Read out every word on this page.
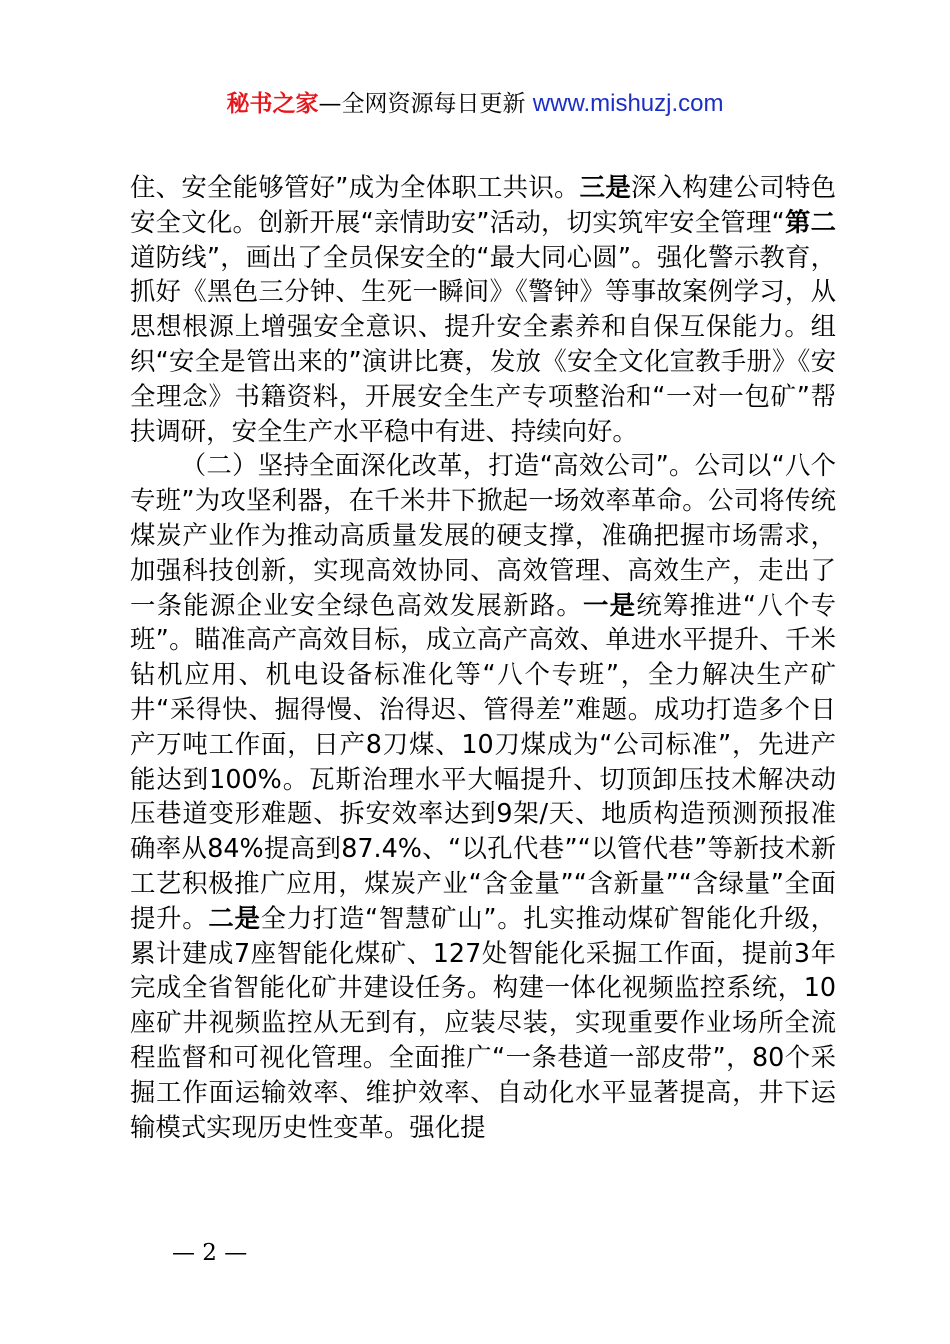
秘书之家—全网资源每日更新 www.mishuzj.com

住、安全能够管好”成为全体职工共识。三是深入构建公司特色安全文化。创新开展“亲情助安”活动，切实筑牢安全管理“第二道防线”，画出了全员保安全的“最大同心圆”。强化警示教育，抓好《黑色三分钟、生死一瞬间》《警钟》等事故案例学习，从思想根源上增强安全意识、提升安全素养和自保互保能力。组织“安全是管出来的”演讲比赛，发放《安全文化宣教手册》《安全理念》书籍资料，开展安全生产专项整治和“一对一包矿”帮扶调研，安全生产水平稳中有进、持续向好。

（二）坚持全面深化改革，打造“高效公司”。公司以“八个专班”为攻坚利器，在千米井下掀起一场效率革命。公司将传统煤炭产业作为推动高质量发展的硬支撑，准确把握市场需求，加强科技创新，实现高效协同、高效管理、高效生产，走出了一条能源企业安全绿色高效发展新路。一是统筹推进“八个专班”。瞄准高产高效目标，成立高产高效、单进水平提升、千米钻机应用、机电设备标准化等“八个专班”，全力解决生产矿井“采得快、掘得慢、治得迟、管得差”难题。成功打造多个日产万吨工作面，日产8刀煤、10刀煤成为“公司标准”，先进产能达到100%。瓦斯治理水平大幅提升、切顶卸压技术解决动压巷道变形难题、拆安效率达到9架/天、地质构造预测预报准确率从84%提高到87.4%、“以孔代巷”“以管代巷”等新技术新工艺积极推广应用，煤炭产业“含金量”“含新量”“含绿量”全面提升。二是全力打造“智慧矿山”。扎实推动煤矿智能化升级，累计建成7座智能化煤矿、127处智能化采掘工作面，提前3年完成全省智能化矿井建设任务。构建一体化视频监控系统，10座矿井视频监控从无到有，应装尽装，实现重要作业场所全流程监督和可视化管理。全面推广“一条巷道一部皮带”，80个采掘工作面运输效率、维护效率、自动化水平显著提高，井下运输模式实现历史性变革。强化提

— 2 —
